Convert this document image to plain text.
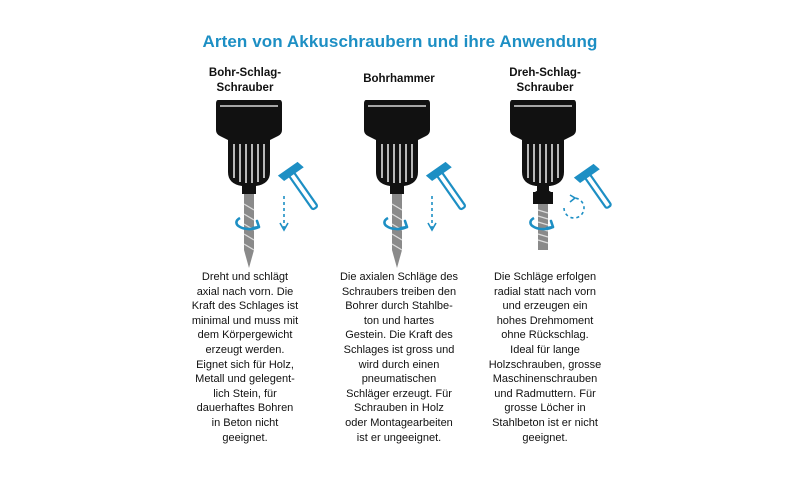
Arten von Akkuschraubern und ihre Anwendung
Bohr-Schlag-
Schrauber
Dreht und schlägt
axial nach vorn. Die
Kraft des Schlages ist
minimal und muss mit
dem Körpergewicht
erzeugt werden.
Eignet sich für Holz,
Metall und gelegent-
lich Stein, für
dauerhaftes Bohren
in Beton nicht
geeignet.
Bohrhammer
Die axialen Schläge des
Schraubers treiben den
Bohrer durch Stahlbe-
ton und hartes
Gestein. Die Kraft des
Schlages ist gross und
wird durch einen
pneumatischen
Schläger erzeugt. Für
Schrauben in Holz
oder Montagearbeiten
ist er ungeeignet.
Dreh-Schlag-
Schrauber
Die Schläge erfolgen
radial statt nach vorn
und erzeugen ein
hohes Drehmoment
ohne Rückschlag.
Ideal für lange
Holzschrauben, grosse
Maschinenschrauben
und Radmuttern. Für
grosse Löcher in
Stahlbeton ist er nicht
geeignet.
